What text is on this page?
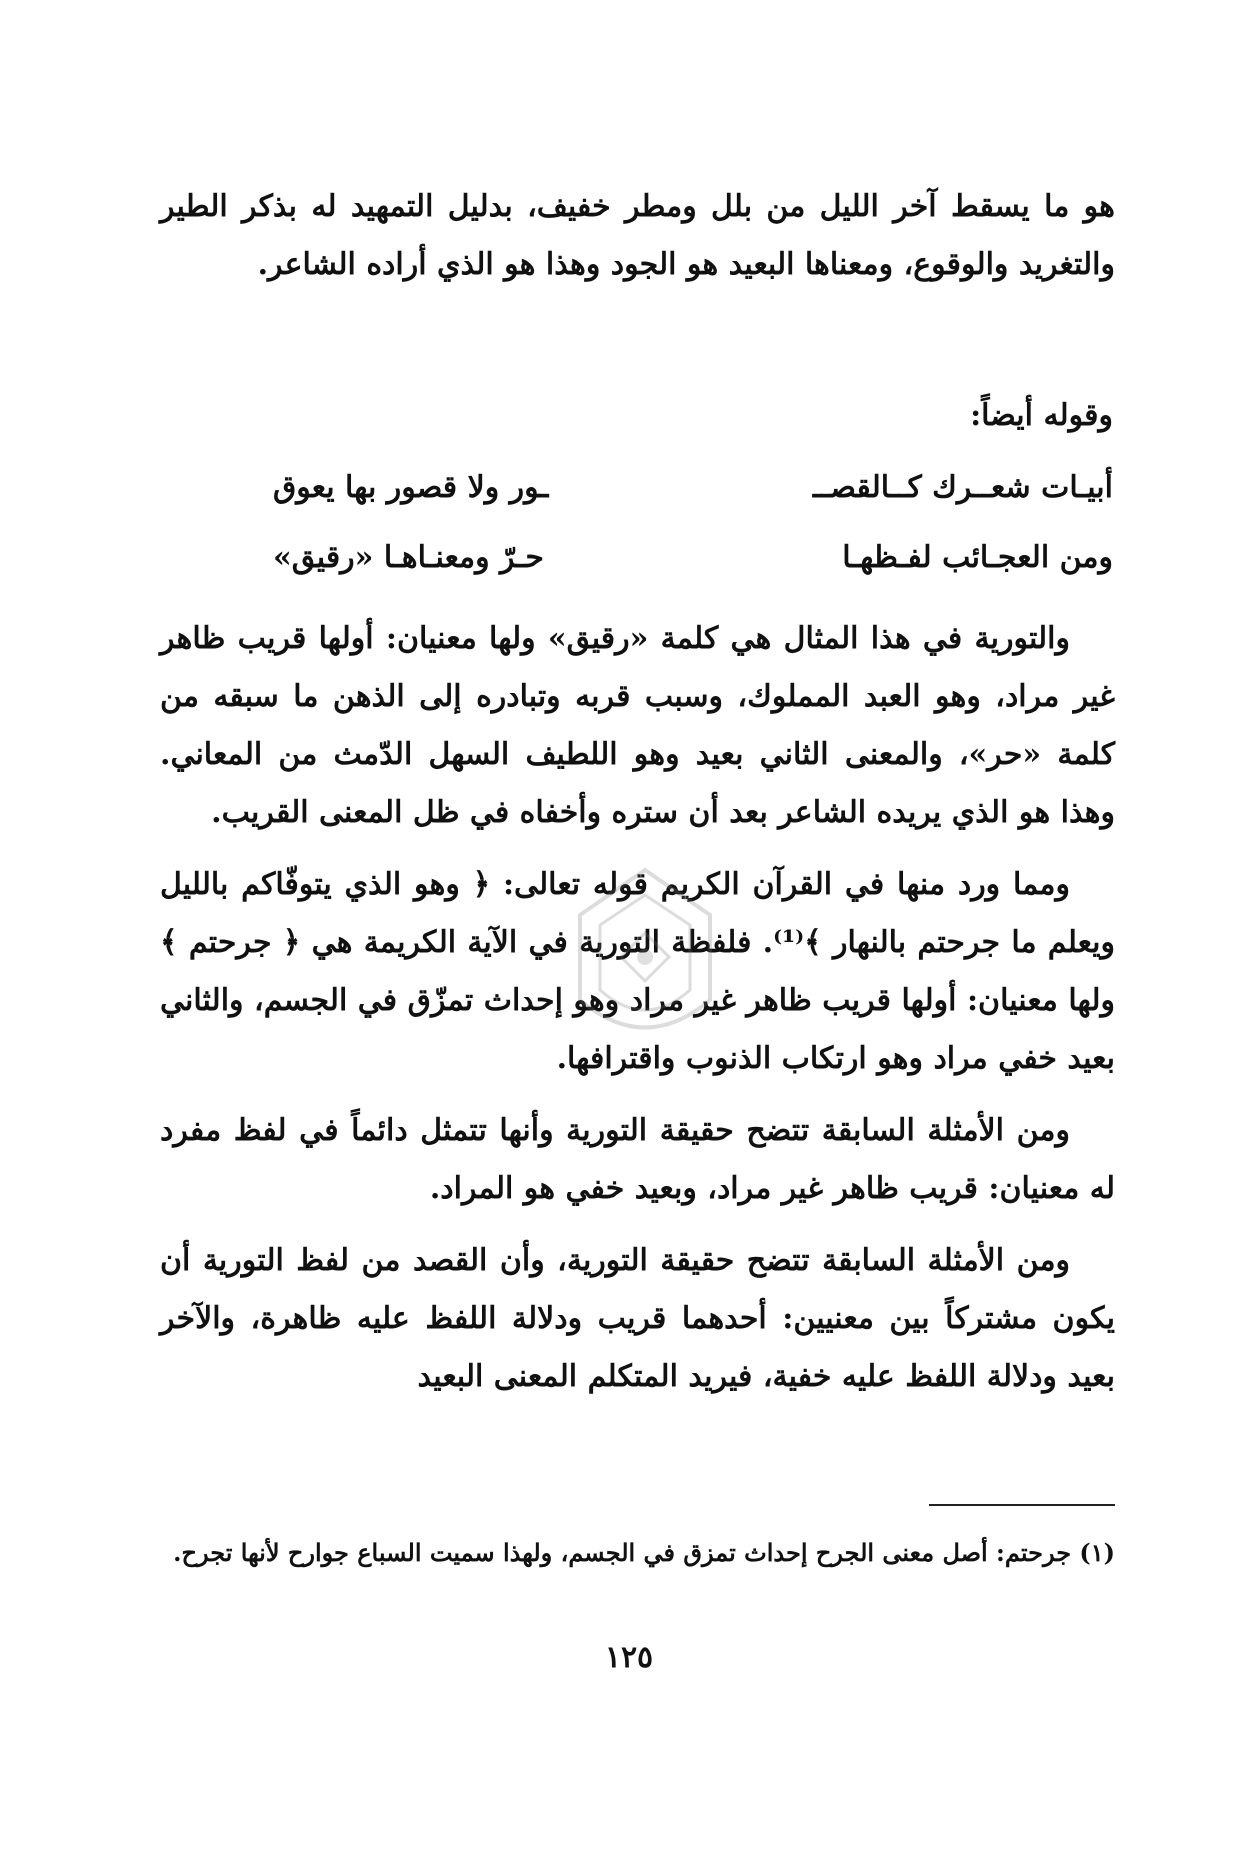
هو ما يسقط آخر الليل من بلل ومطر خفيف، بدليل التمهيد له بذكر الطير والتغريد والوقوع، ومعناها البعيد هو الجود وهذا هو الذي أراده الشاعر.

وقوله أيضاً:
أبيـات شعــرك كــالقصــ
ـور ولا قصور بها يعوق
ومن العجـائب لفـظهـا
حـرّ ومعنـاهـا «رقيق»

والتورية في هذا المثال هي كلمة «رقيق» ولها معنيان: أولها قريب ظاهر غير مراد، وهو العبد المملوك، وسبب قربه وتبادره إلى الذهن ما سبقه من كلمة «حر»، والمعنى الثاني بعيد وهو اللطيف السهل الدّمث من المعاني. وهذا هو الذي يريده الشاعر بعد أن ستره وأخفاه في ظل المعنى القريب.

ومما ورد منها في القرآن الكريم قوله تعالى: ﴿ وهو الذي يتوفّاكم بالليل ويعلم ما جرحتم بالنهار ﴾⁽¹⁾. فلفظة التورية في الآية الكريمة هي ﴿ جرحتم ﴾ ولها معنيان: أولها قريب ظاهر غير مراد وهو إحداث تمزّق في الجسم، والثاني بعيد خفي مراد وهو ارتكاب الذنوب واقترافها.

ومن الأمثلة السابقة تتضح حقيقة التورية وأنها تتمثل دائماً في لفظ مفرد له معنيان: قريب ظاهر غير مراد، وبعيد خفي هو المراد.

ومن الأمثلة السابقة تتضح حقيقة التورية، وأن القصد من لفظ التورية أن يكون مشتركاً بين معنيين: أحدهما قريب ودلالة اللفظ عليه ظاهرة، والآخر بعيد ودلالة اللفظ عليه خفية، فيريد المتكلم المعنى البعيد

(١) جرحتم: أصل معنى الجرح إحداث تمزق في الجسم، ولهذا سميت السباع جوارح لأنها تجرح.
١٢٥
